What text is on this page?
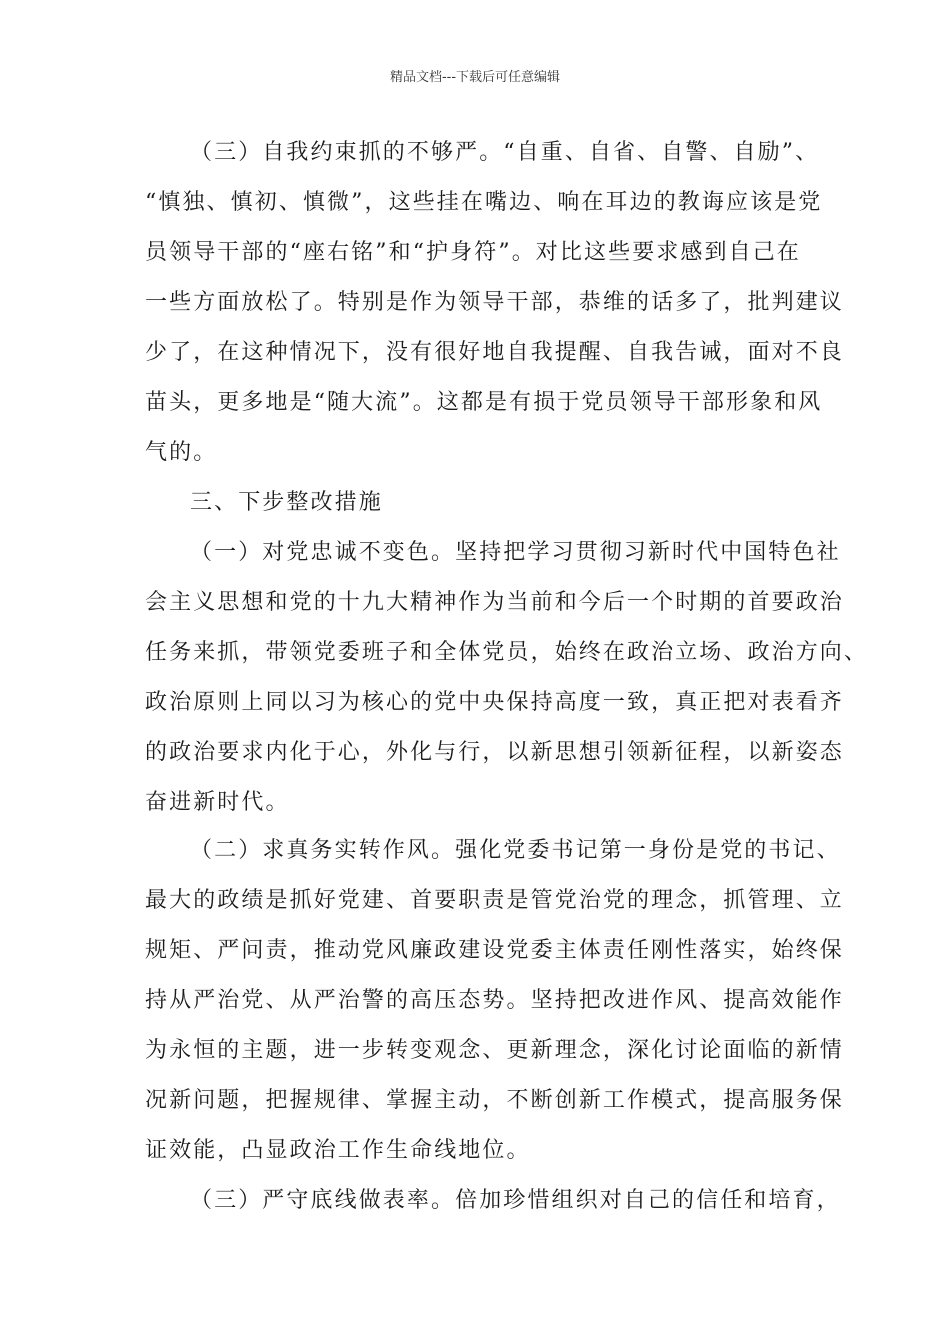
精品文档---下载后可任意编辑
（三）自我约束抓的不够严。“自重、自省、自警、自励”、
“慎独、慎初、慎微”，这些挂在嘴边、响在耳边的教诲应该是党
员领导干部的“座右铭”和“护身符”。对比这些要求感到自己在
一些方面放松了。特别是作为领导干部，恭维的话多了，批判建议
少了，在这种情况下，没有很好地自我提醒、自我告诫，面对不良
苗头，更多地是“随大流”。这都是有损于党员领导干部形象和风
气的。
三、下步整改措施
（一）对党忠诚不变色。坚持把学习贯彻习新时代中国特色社
会主义思想和党的十九大精神作为当前和今后一个时期的首要政治
任务来抓，带领党委班子和全体党员，始终在政治立场、政治方向、
政治原则上同以习为核心的党中央保持高度一致，真正把对表看齐
的政治要求内化于心，外化与行，以新思想引领新征程，以新姿态
奋进新时代。
（二）求真务实转作风。强化党委书记第一身份是党的书记、
最大的政绩是抓好党建、首要职责是管党治党的理念，抓管理、立
规矩、严问责，推动党风廉政建设党委主体责任刚性落实，始终保
持从严治党、从严治警的高压态势。坚持把改进作风、提高效能作
为永恒的主题，进一步转变观念、更新理念，深化讨论面临的新情
况新问题，把握规律、掌握主动，不断创新工作模式，提高服务保
证效能，凸显政治工作生命线地位。
（三）严守底线做表率。倍加珍惜组织对自己的信任和培育，
